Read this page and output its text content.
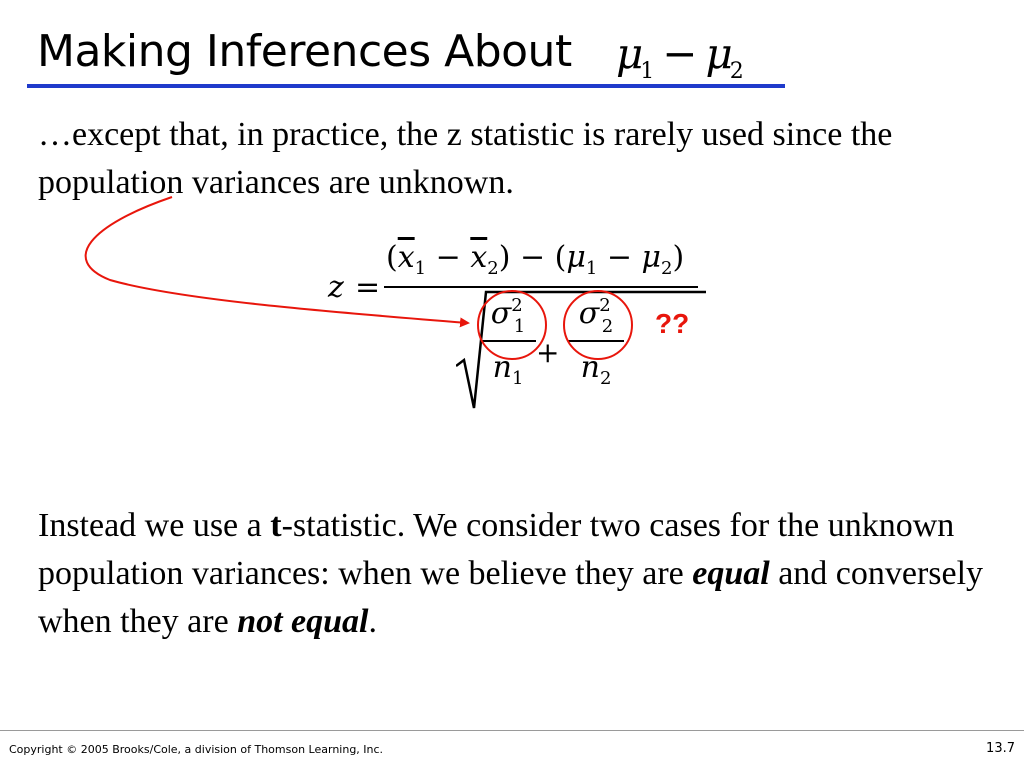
Making Inferences About $\mu_1 - \mu_2$

…except that, in practice, the z statistic is rarely used since the population variances are unknown.

z =
$(\overline{x}_1 - \overline{x}_2) - (\mu_1 - \mu_2)$
$\sigma^2_1$
$n_1$
+
$\sigma^2_2$
$n_2$
??

Instead we use a t-statistic. We consider two cases for the unknown population variances: when we believe they are equal and conversely when they are not equal.

Copyright © 2005 Brooks/Cole, a division of Thomson Learning, Inc.	13.7
